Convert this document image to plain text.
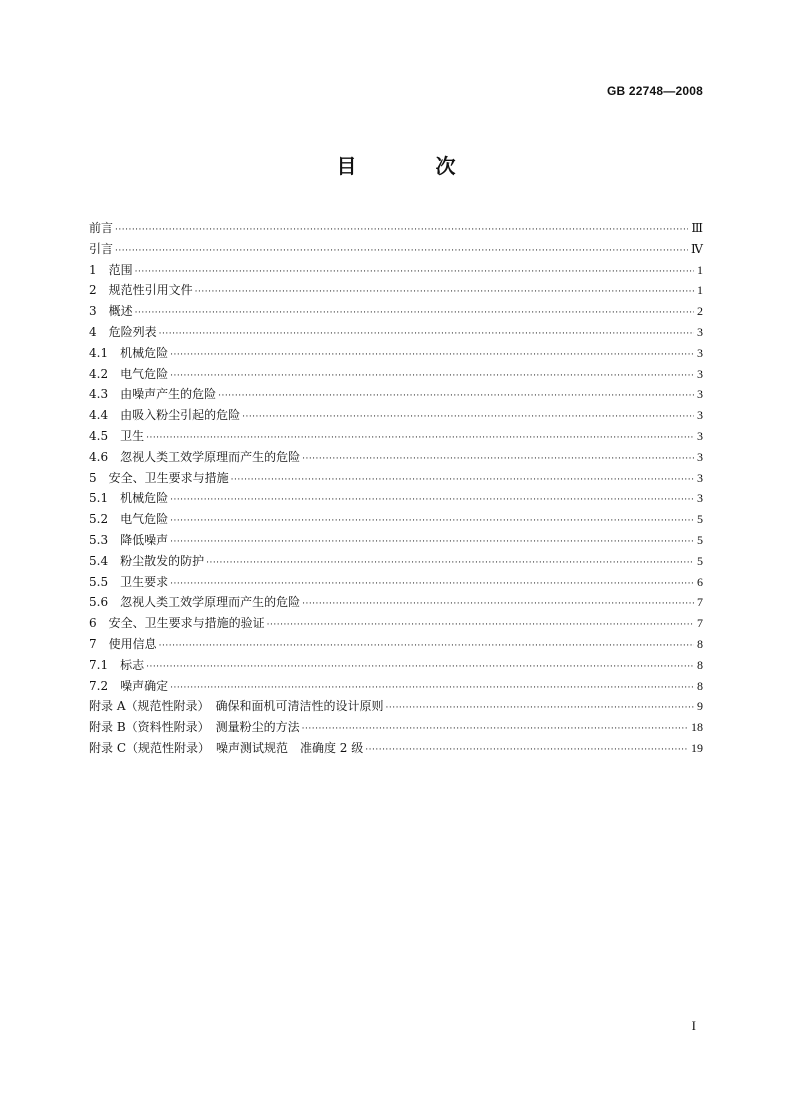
GB 22748—2008
目 次
前言 ·····	Ⅲ
引言 ·····	Ⅳ
1　范围 ·····	1
2　规范性引用文件 ·····	1
3　概述 ·····	2
4　危险列表 ·····	3
4.1　机械危险 ·····	3
4.2　电气危险 ·····	3
4.3　由噪声产生的危险 ·····	3
4.4　由吸入粉尘引起的危险 ·····	3
4.5　卫生 ·····	3
4.6　忽视人类工效学原理而产生的危险 ·····	3
5　安全、卫生要求与措施 ·····	3
5.1　机械危险 ·····	3
5.2　电气危险 ·····	5
5.3　降低噪声 ·····	5
5.4　粉尘散发的防护 ·····	5
5.5　卫生要求 ·····	6
5.6　忽视人类工效学原理而产生的危险 ·····	7
6　安全、卫生要求与措施的验证 ·····	7
7　使用信息 ·····	8
7.1　标志 ·····	8
7.2　噪声确定 ·····	8
附录 A（规范性附录）　确保和面机可清洁性的设计原则 ·····	9
附录 B（资料性附录）　测量粉尘的方法 ·····	18
附录 C（规范性附录）　噪声测试规范　准确度 2 级 ·····	19
I
